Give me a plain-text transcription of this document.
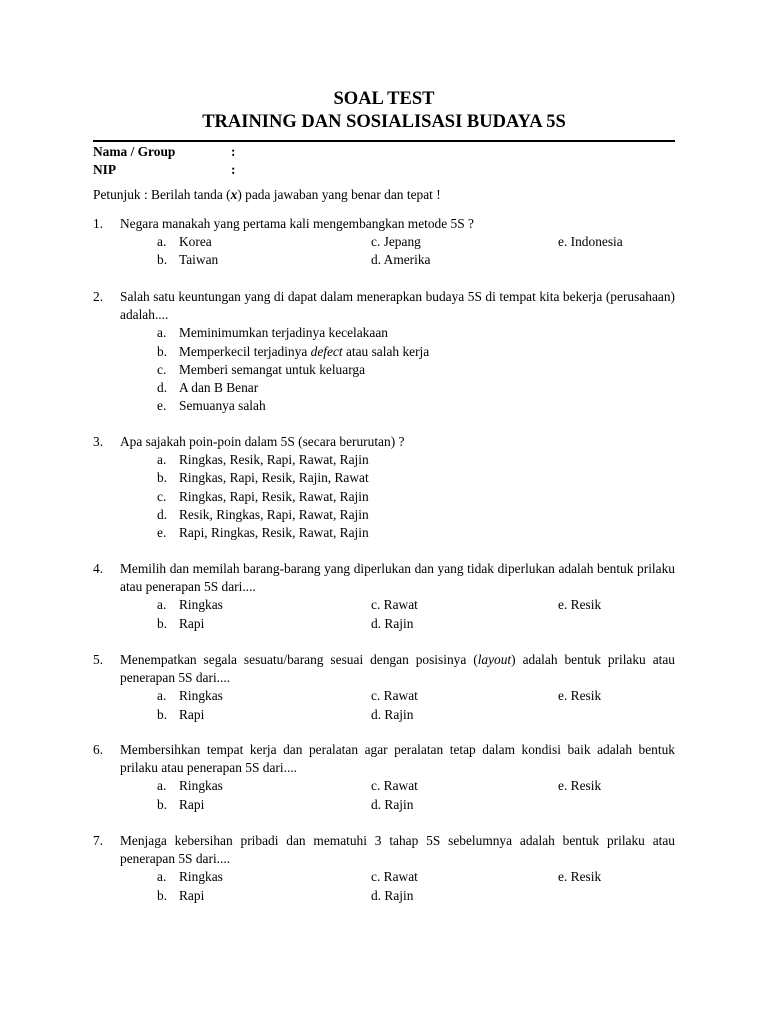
SOAL TEST
TRAINING DAN SOSIALISASI BUDAYA 5S
Nama / Group	:
NIP	:
Petunjuk : Berilah tanda (x) pada jawaban yang benar dan tepat !
1. Negara manakah yang pertama kali mengembangkan metode 5S ?
a. Korea
b. Taiwan
c. Jepang
d. Amerika
e. Indonesia
2. Salah satu keuntungan yang di dapat dalam menerapkan budaya 5S di tempat kita bekerja (perusahaan) adalah....
a. Meminimumkan terjadinya kecelakaan
b. Memperkecil terjadinya defect atau salah kerja
c. Memberi semangat untuk keluarga
d. A dan B Benar
e. Semuanya salah
3. Apa sajakah poin-poin dalam 5S (secara berurutan) ?
a. Ringkas, Resik, Rapi, Rawat, Rajin
b. Ringkas, Rapi, Resik, Rajin, Rawat
c. Ringkas, Rapi, Resik, Rawat, Rajin
d. Resik, Ringkas, Rapi, Rawat, Rajin
e. Rapi, Ringkas, Resik, Rawat, Rajin
4. Memilih dan memilah barang-barang yang diperlukan dan yang tidak diperlukan adalah bentuk prilaku atau penerapan 5S dari....
a. Ringkas
b. Rapi
c. Rawat
d. Rajin
e. Resik
5. Menempatkan segala sesuatu/barang sesuai dengan posisinya (layout) adalah bentuk prilaku atau penerapan 5S dari....
a. Ringkas
b. Rapi
c. Rawat
d. Rajin
e. Resik
6. Membersihkan tempat kerja dan peralatan agar peralatan tetap dalam kondisi baik adalah bentuk prilaku atau penerapan 5S dari....
a. Ringkas
b. Rapi
c. Rawat
d. Rajin
e. Resik
7. Menjaga kebersihan pribadi dan mematuhi 3 tahap 5S sebelumnya adalah bentuk prilaku atau penerapan 5S dari....
a. Ringkas
b. Rapi
c. Rawat
d. Rajin
e. Resik
